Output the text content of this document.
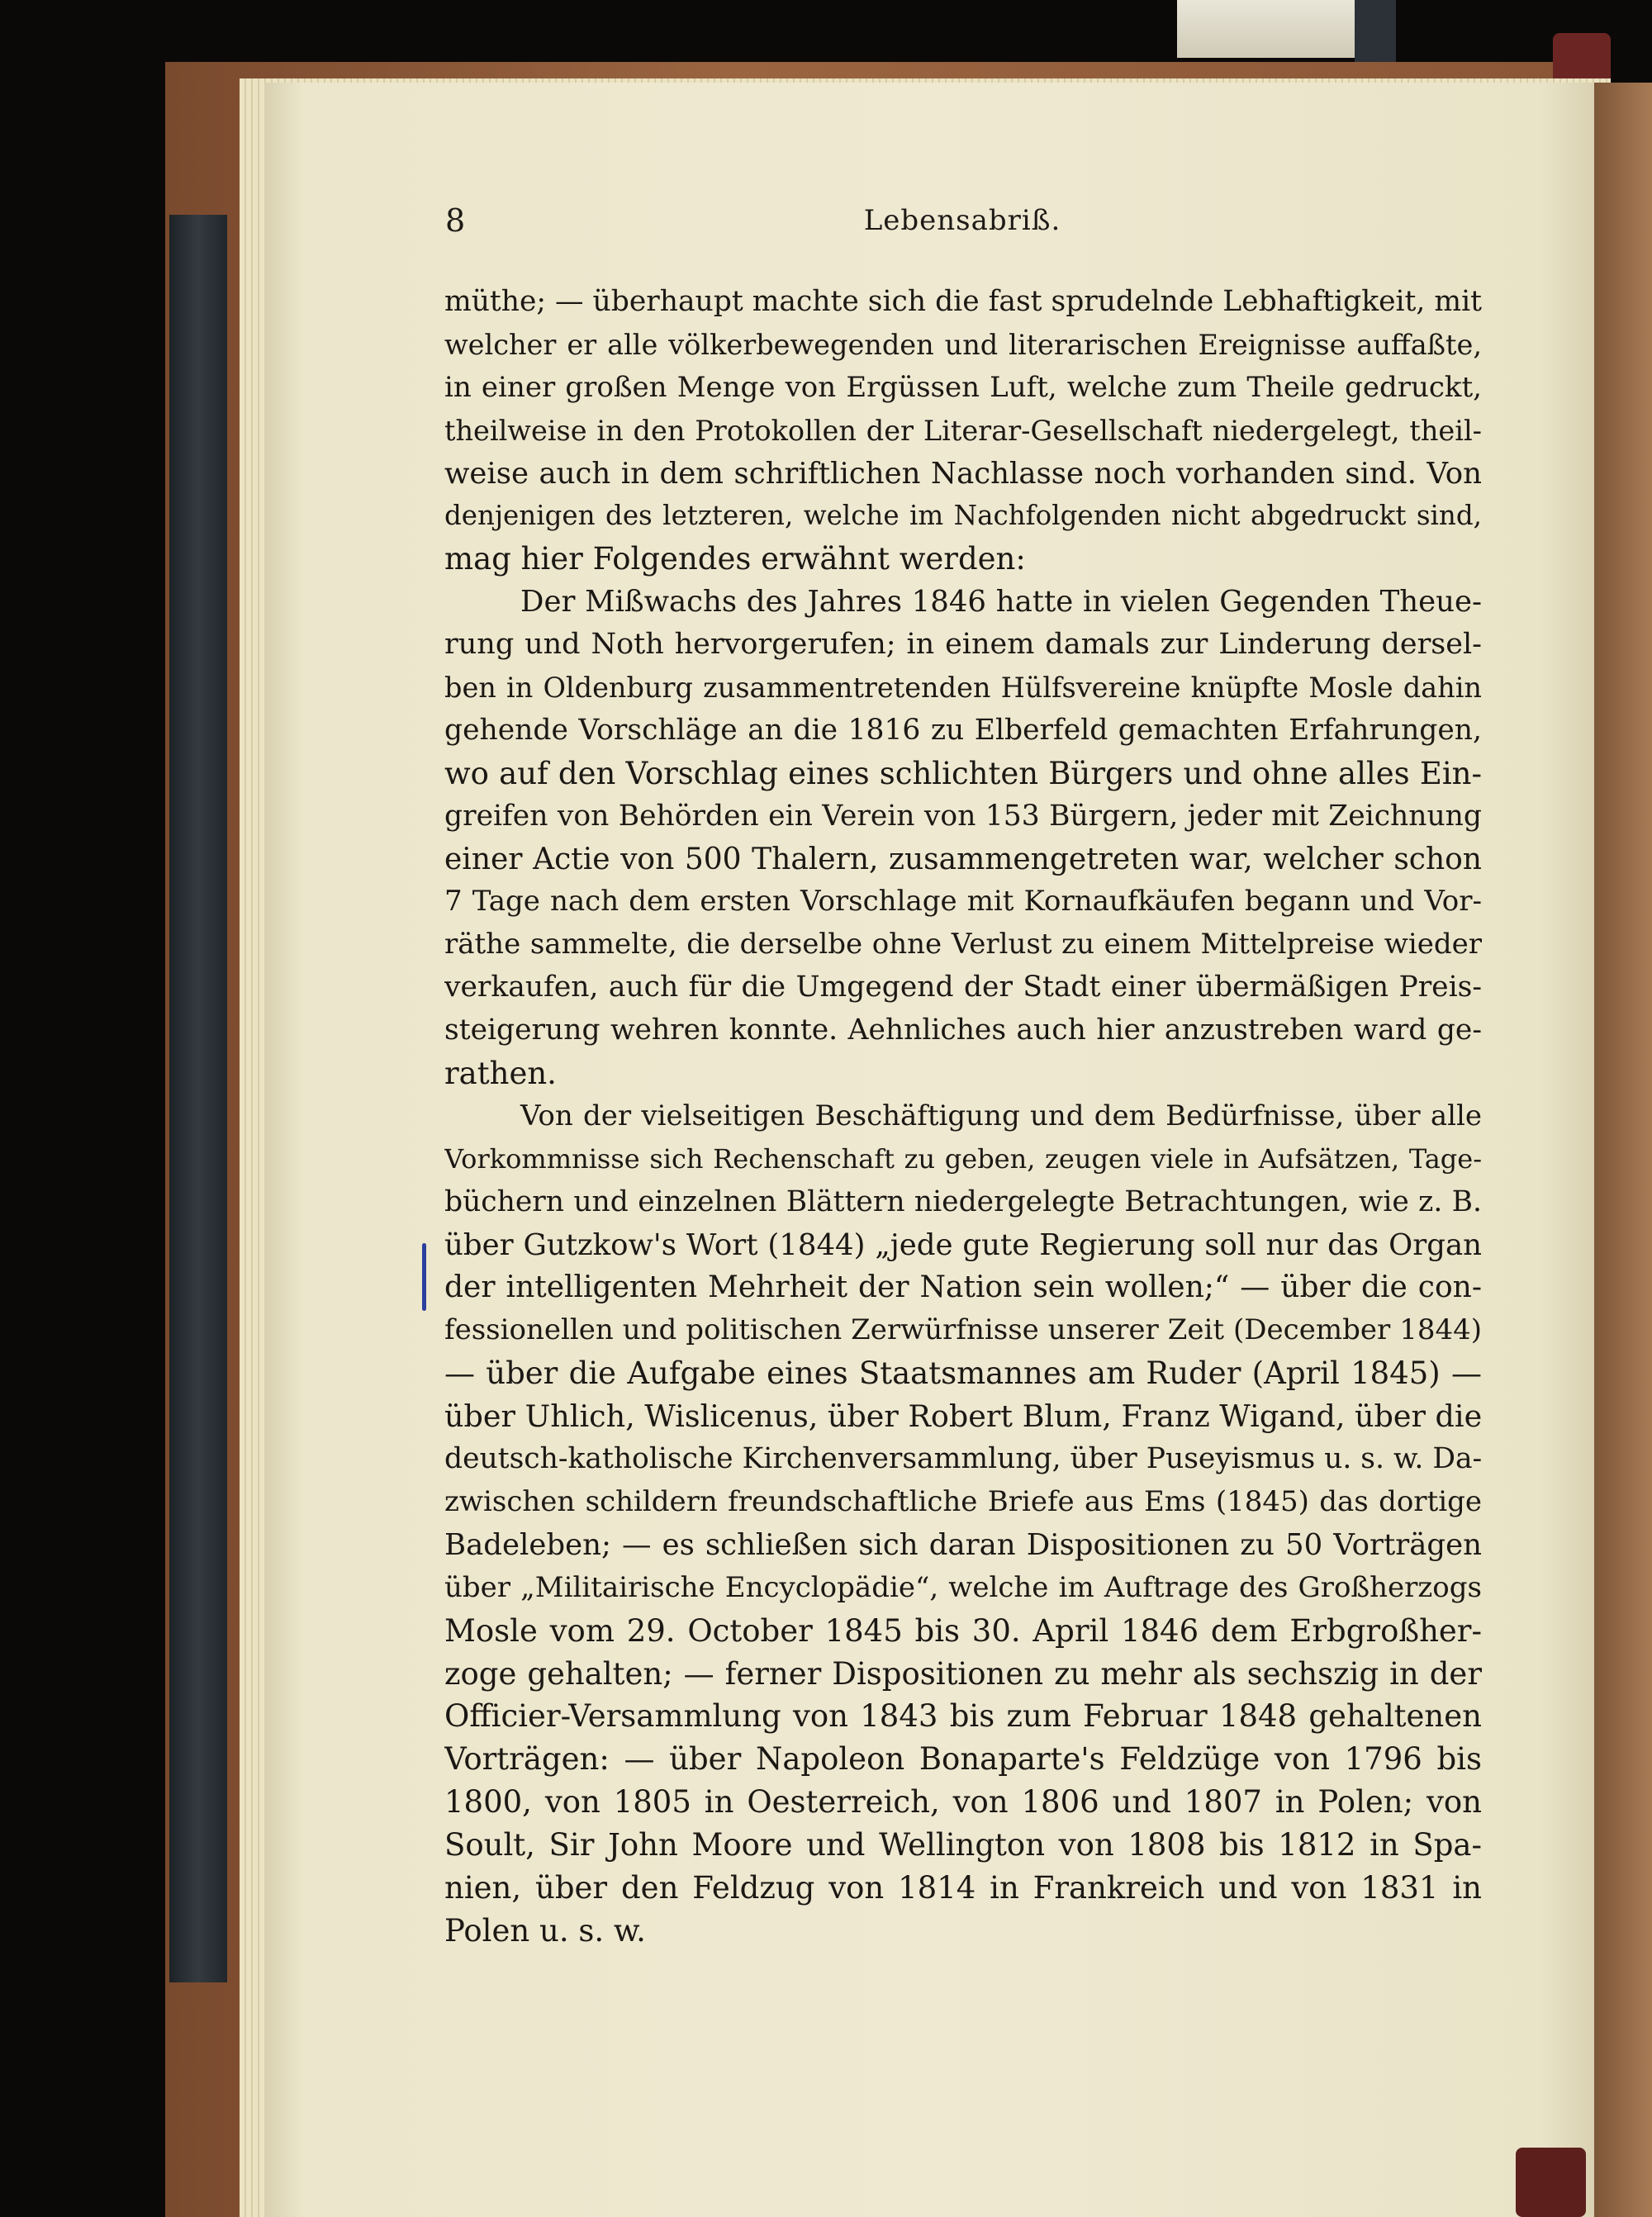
8	Lebensabriß.
müthe; — überhaupt machte sich die fast sprudelnde Lebhaftigkeit, mit
welcher er alle völkerbewegenden und literarischen Ereignisse auffaßte,
in einer großen Menge von Ergüssen Luft, welche zum Theile gedruckt,
theilweise in den Protokollen der Literar-Gesellschaft niedergelegt, theil-
weise auch in dem schriftlichen Nachlasse noch vorhanden sind. Von
denjenigen des letzteren, welche im Nachfolgenden nicht abgedruckt sind,
mag hier Folgendes erwähnt werden:
Der Mißwachs des Jahres 1846 hatte in vielen Gegenden Theue-
rung und Noth hervorgerufen; in einem damals zur Linderung dersel-
ben in Oldenburg zusammentretenden Hülfsvereine knüpfte Mosle dahin
gehende Vorschläge an die 1816 zu Elberfeld gemachten Erfahrungen,
wo auf den Vorschlag eines schlichten Bürgers und ohne alles Ein-
greifen von Behörden ein Verein von 153 Bürgern, jeder mit Zeichnung
einer Actie von 500 Thalern, zusammengetreten war, welcher schon
7 Tage nach dem ersten Vorschlage mit Kornaufkäufen begann und Vor-
räthe sammelte, die derselbe ohne Verlust zu einem Mittelpreise wieder
verkaufen, auch für die Umgegend der Stadt einer übermäßigen Preis-
steigerung wehren konnte. Aehnliches auch hier anzustreben ward ge-
rathen.
Von der vielseitigen Beschäftigung und dem Bedürfnisse, über alle
Vorkommnisse sich Rechenschaft zu geben, zeugen viele in Aufsätzen, Tage-
büchern und einzelnen Blättern niedergelegte Betrachtungen, wie z. B.
über Gutzkow's Wort (1844) „jede gute Regierung soll nur das Organ
der intelligenten Mehrheit der Nation sein wollen;“ — über die con-
fessionellen und politischen Zerwürfnisse unserer Zeit (December 1844)
— über die Aufgabe eines Staatsmannes am Ruder (April 1845) —
über Uhlich, Wislicenus, über Robert Blum, Franz Wigand, über die
deutsch-katholische Kirchenversammlung, über Puseyismus u. s. w. Da-
zwischen schildern freundschaftliche Briefe aus Ems (1845) das dortige
Badeleben; — es schließen sich daran Dispositionen zu 50 Vorträgen
über „Militairische Encyclopädie“, welche im Auftrage des Großherzogs
Mosle vom 29. October 1845 bis 30. April 1846 dem Erbgroßher-
zoge gehalten; — ferner Dispositionen zu mehr als sechszig in der
Officier-Versammlung von 1843 bis zum Februar 1848 gehaltenen
Vorträgen: — über Napoleon Bonaparte's Feldzüge von 1796 bis
1800, von 1805 in Oesterreich, von 1806 und 1807 in Polen; von
Soult, Sir John Moore und Wellington von 1808 bis 1812 in Spa-
nien, über den Feldzug von 1814 in Frankreich und von 1831 in
Polen u. s. w.
